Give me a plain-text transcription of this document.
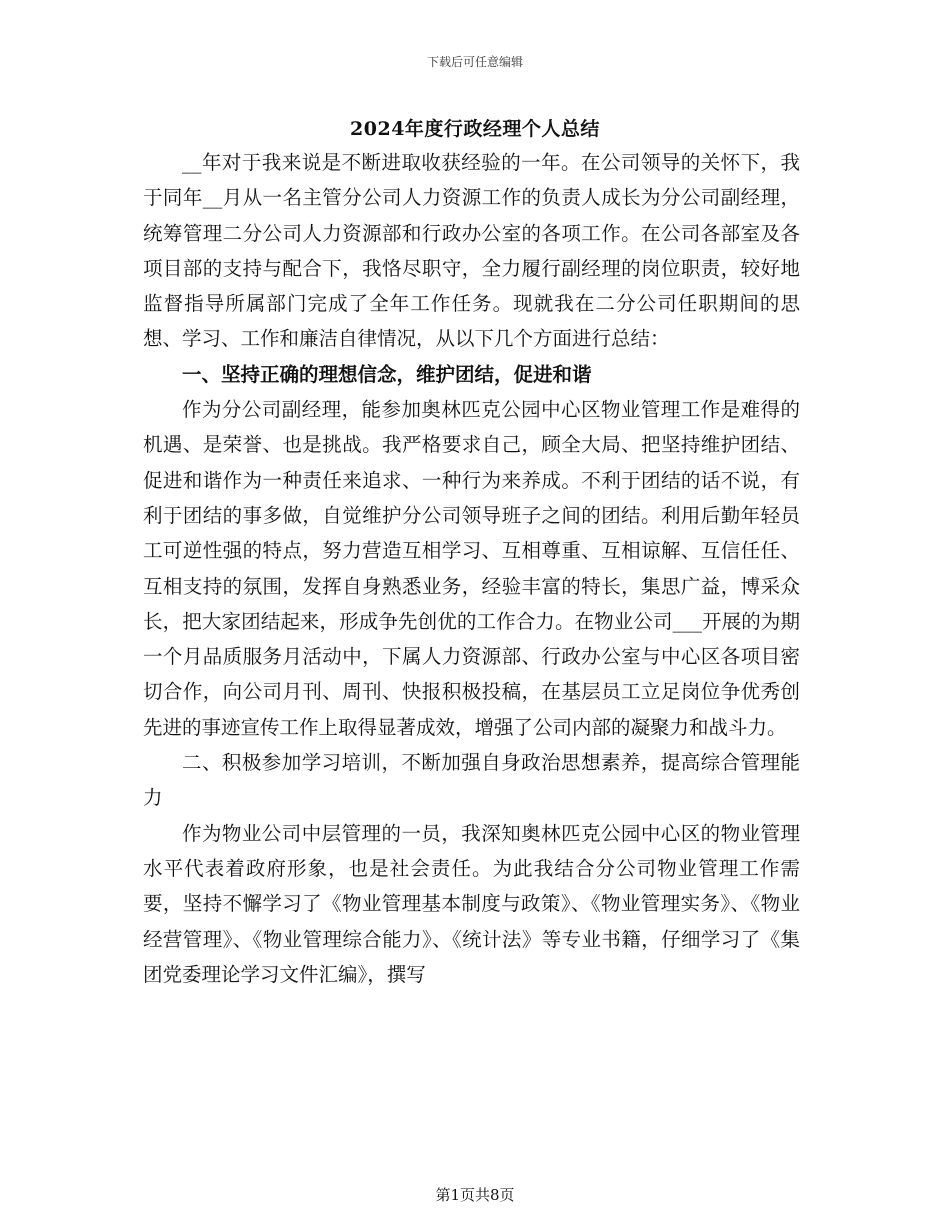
下载后可任意编辑
2024年度行政经理个人总结

__年对于我来说是不断进取收获经验的一年。在公司领导的关怀下，我于同年__月从一名主管分公司人力资源工作的负责人成长为分公司副经理，统筹管理二分公司人力资源部和行政办公室的各项工作。在公司各部室及各项目部的支持与配合下，我恪尽职守，全力履行副经理的岗位职责，较好地监督指导所属部门完成了全年工作任务。现就我在二分公司任职期间的思想、学习、工作和廉洁自律情况，从以下几个方面进行总结：

一、坚持正确的理想信念，维护团结，促进和谐

作为分公司副经理，能参加奥林匹克公园中心区物业管理工作是难得的机遇、是荣誉、也是挑战。我严格要求自己，顾全大局、把坚持维护团结、促进和谐作为一种责任来追求、一种行为来养成。不利于团结的话不说，有利于团结的事多做，自觉维护分公司领导班子之间的团结。利用后勤年轻员工可逆性强的特点，努力营造互相学习、互相尊重、互相谅解、互信任任、互相支持的氛围，发挥自身熟悉业务，经验丰富的特长，集思广益，博采众长，把大家团结起来，形成争先创优的工作合力。在物业公司___开展的为期一个月品质服务月活动中，下属人力资源部、行政办公室与中心区各项目密切合作，向公司月刊、周刊、快报积极投稿，在基层员工立足岗位争优秀创先进的事迹宣传工作上取得显著成效，增强了公司内部的凝聚力和战斗力。

二、积极参加学习培训，不断加强自身政治思想素养，提高综合管理能力

作为物业公司中层管理的一员，我深知奥林匹克公园中心区的物业管理水平代表着政府形象，也是社会责任。为此我结合分公司物业管理工作需要，坚持不懈学习了《物业管理基本制度与政策》、《物业管理实务》、《物业经营管理》、《物业管理综合能力》、《统计法》等专业书籍，仔细学习了《集团党委理论学习文件汇编》，撰写

第1页共8页
